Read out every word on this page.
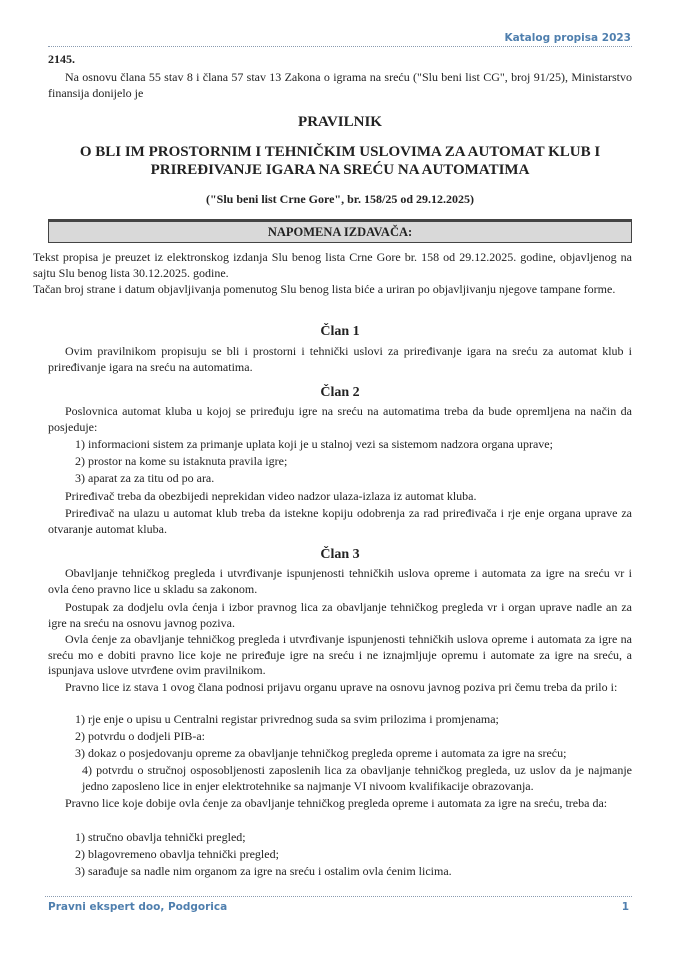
Katalog propisa 2023
2145.

Na osnovu člana 55 stav 8 i člana 57 stav 13 Zakona o igrama na sreću ("Slu beni list CG", broj 91/25), Ministarstvo finansija donijelo je

PRAVILNIK
O BLI IM PROSTORNIM I TEHNIČKIM USLOVIMA ZA AUTOMAT KLUB I
PRIREĐIVANJE IGARA NA SREĆU NA AUTOMATIMA
("Slu beni list Crne Gore", br. 158/25 od 29.12.2025)
NAPOMENA IZDAVAČA:

Tekst propisa je preuzet iz elektronskog izdanja Slu benog lista Crne Gore br. 158 od 29.12.2025. godine, objavljenog na sajtu Slu benog lista 30.12.2025. godine.

Tačan broj strane i datum objavljivanja pomenutog Slu benog lista biće a uriran po objavljivanju njegove tampane forme.

Član 1

Ovim pravilnikom propisuju se bli i prostorni i tehnički uslovi za priređivanje igara na sreću za automat klub i priređivanje igara na sreću na automatima.

Član 2

Poslovnica automat kluba u kojoj se priređuju igre na sreću na automatima treba da bude opremljena na način da posjeduje:

1) informacioni sistem za primanje uplata koji je u stalnoj vezi sa sistemom nadzora organa uprave;
2) prostor na kome su istaknuta pravila igre;
3) aparat za za titu od po ara.

Priređivač treba da obezbijedi neprekidan video nadzor ulaza-izlaza iz automat kluba.

Priređivač na ulazu u automat klub treba da istekne kopiju odobrenja za rad priređivača i rje enje organa uprave za otvaranje automat kluba.

Član 3

Obavljanje tehničkog pregleda i utvrđivanje ispunjenosti tehničkih uslova opreme i automata za igre na sreću vr i ovla ćeno pravno lice u skladu sa zakonom.

Postupak za dodjelu ovla ćenja i izbor pravnog lica za obavljanje tehničkog pregleda vr i organ uprave nadle an za igre na sreću na osnovu javnog poziva.

Ovla ćenje za obavljanje tehničkog pregleda i utvrđivanje ispunjenosti tehničkih uslova opreme i automata za igre na sreću mo e dobiti pravno lice koje ne priređuje igre na sreću i ne iznajmljuje opremu i automate za igre na sreću, a ispunjava uslove utvrđene ovim pravilnikom.

Pravno lice iz stava 1 ovog člana podnosi prijavu organu uprave na osnovu javnog poziva pri čemu treba da prilo i:

1) rje enje o upisu u Centralni registar privrednog suda sa svim prilozima i promjenama;
2) potvrdu o dodjeli PIB-a:
3) dokaz o posjedovanju opreme za obavljanje tehničkog pregleda opreme i automata za igre na sreću;
4) potvrdu o stručnoj osposobljenosti zaposlenih lica za obavljanje tehničkog pregleda, uz uslov da je najmanje jedno zaposleno lice in enjer elektrotehnike sa najmanje VI nivoom kvalifikacije obrazovanja.

Pravno lice koje dobije ovla ćenje za obavljanje tehničkog pregleda opreme i automata za igre na sreću, treba da:

1) stručno obavlja tehnički pregled;
2) blagovremeno obavlja tehnički pregled;
3) sarađuje sa nadle nim organom za igre na sreću i ostalim ovla ćenim licima.
Pravni ekspert doo, Podgorica	1
